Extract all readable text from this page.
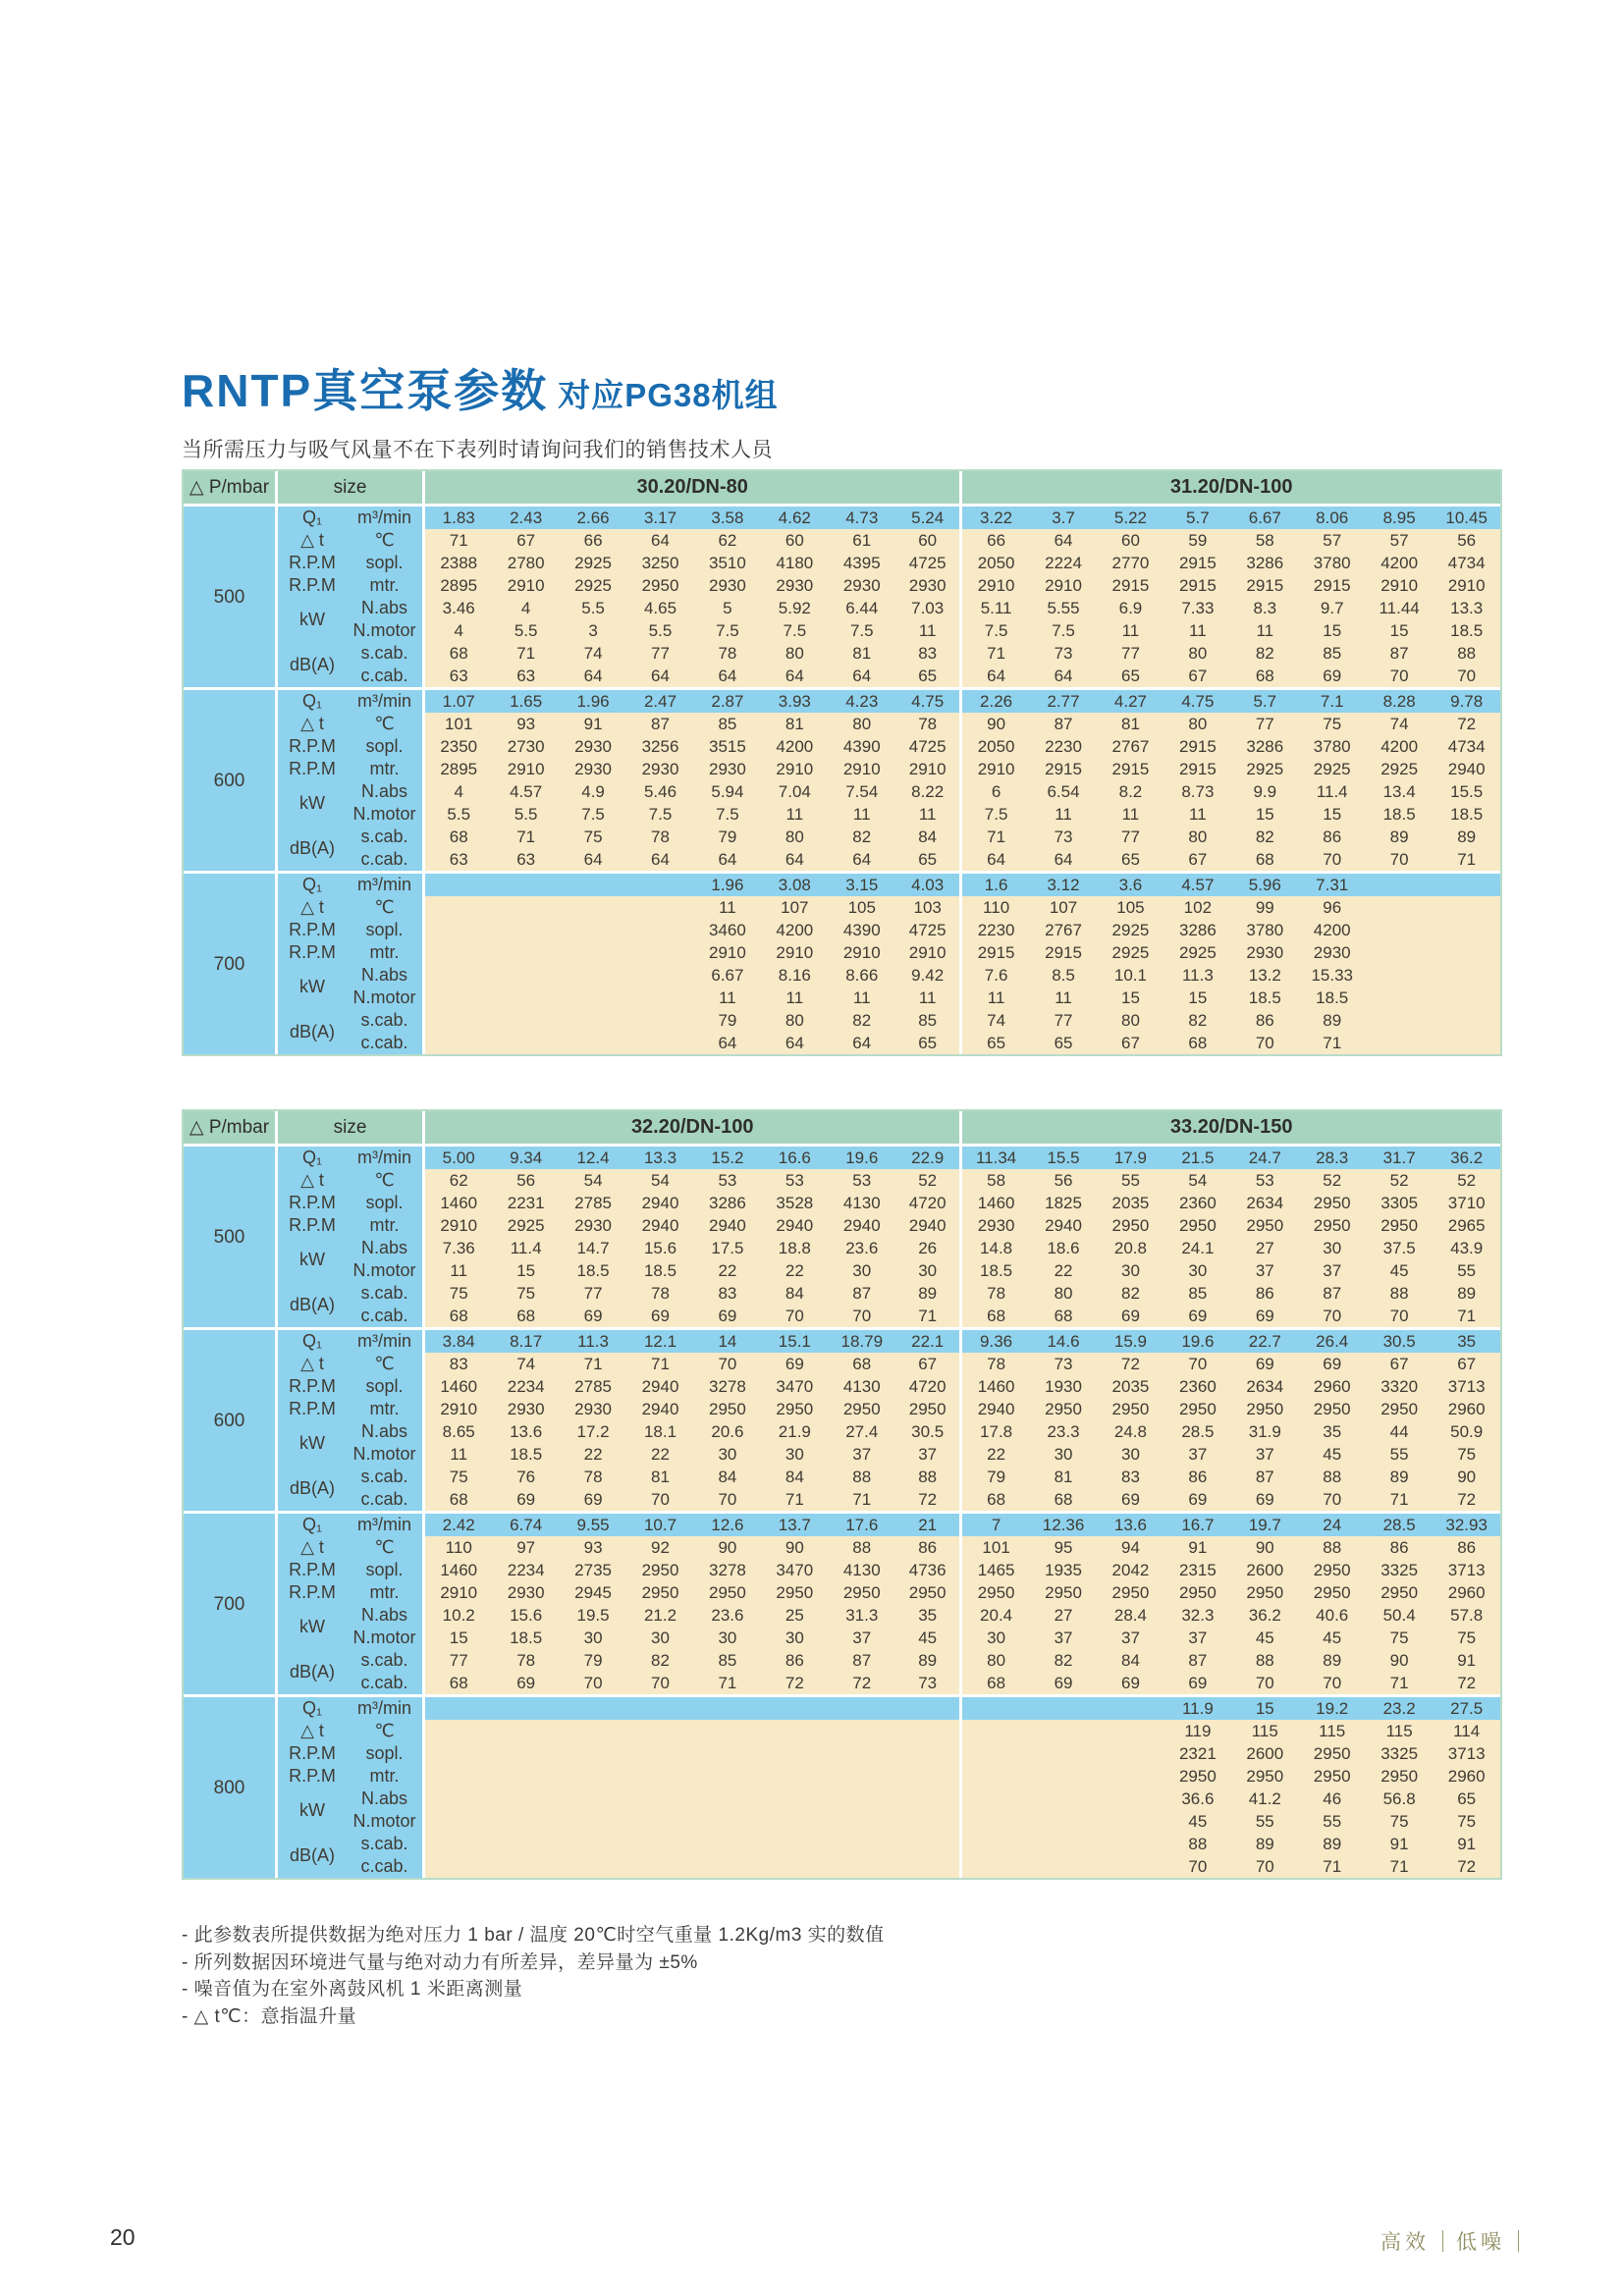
RNTP真空泵参数 对应PG38机组

当所需压力与吸气风量不在下表列时请询问我们的销售技术人员

△ P/mbar	size		30.20/DN-80								31.20/DN-100							
500	Q₁	m³/min	1.83	2.43	2.66	3.17	3.58	4.62	4.73	5.24	3.22	3.7	5.22	5.7	6.67	8.06	8.95	10.45
	△ t	℃	71	67	66	64	62	60	61	60	66	64	60	59	58	57	57	56
	R.P.M	sopl.	2388	2780	2925	3250	3510	4180	4395	4725	2050	2224	2770	2915	3286	3780	4200	4734
	R.P.M	mtr.	2895	2910	2925	2950	2930	2930	2930	2930	2910	2910	2915	2915	2915	2915	2910	2910
	kW	N.abs	3.46	4	5.5	4.65	5	5.92	6.44	7.03	5.11	5.55	6.9	7.33	8.3	9.7	11.44	13.3
		N.motor	4	5.5	3	5.5	7.5	7.5	7.5	11	7.5	7.5	11	11	11	15	15	18.5
	dB(A)	s.cab.	68	71	74	77	78	80	81	83	71	73	77	80	82	85	87	88
		c.cab.	63	63	64	64	64	64	64	65	64	64	65	67	68	69	70	70
600	Q₁	m³/min	1.07	1.65	1.96	2.47	2.87	3.93	4.23	4.75	2.26	2.77	4.27	4.75	5.7	7.1	8.28	9.78
	△ t	℃	101	93	91	87	85	81	80	78	90	87	81	80	77	75	74	72
	R.P.M	sopl.	2350	2730	2930	3256	3515	4200	4390	4725	2050	2230	2767	2915	3286	3780	4200	4734
	R.P.M	mtr.	2895	2910	2930	2930	2930	2910	2910	2910	2910	2915	2915	2915	2925	2925	2925	2940
	kW	N.abs	4	4.57	4.9	5.46	5.94	7.04	7.54	8.22	6	6.54	8.2	8.73	9.9	11.4	13.4	15.5
		N.motor	5.5	5.5	7.5	7.5	7.5	11	11	11	7.5	11	11	11	15	15	18.5	18.5
	dB(A)	s.cab.	68	71	75	78	79	80	82	84	71	73	77	80	82	86	89	89
		c.cab.	63	63	64	64	64	64	64	65	64	64	65	67	68	70	70	71
700	Q₁	m³/min					1.96	3.08	3.15	4.03	1.6	3.12	3.6	4.57	5.96	7.31		
	△ t	℃					11	107	105	103	110	107	105	102	99	96		
	R.P.M	sopl.					3460	4200	4390	4725	2230	2767	2925	3286	3780	4200		
	R.P.M	mtr.					2910	2910	2910	2910	2915	2915	2925	2925	2930	2930		
	kW	N.abs					6.67	8.16	8.66	9.42	7.6	8.5	10.1	11.3	13.2	15.33		
		N.motor					11	11	11	11	11	11	15	15	18.5	18.5		
	dB(A)	s.cab.					79	80	82	85	74	77	80	82	86	89		
		c.cab.					64	64	64	65	65	65	67	68	70	71		
△ P/mbar	size		32.20/DN-100								33.20/DN-150							
500	Q₁	m³/min	5.00	9.34	12.4	13.3	15.2	16.6	19.6	22.9	11.34	15.5	17.9	21.5	24.7	28.3	31.7	36.2
	△ t	℃	62	56	54	54	53	53	53	52	58	56	55	54	53	52	52	52
	R.P.M	sopl.	1460	2231	2785	2940	3286	3528	4130	4720	1460	1825	2035	2360	2634	2950	3305	3710
	R.P.M	mtr.	2910	2925	2930	2940	2940	2940	2940	2940	2930	2940	2950	2950	2950	2950	2950	2965
	kW	N.abs	7.36	11.4	14.7	15.6	17.5	18.8	23.6	26	14.8	18.6	20.8	24.1	27	30	37.5	43.9
		N.motor	11	15	18.5	18.5	22	22	30	30	18.5	22	30	30	37	37	45	55
	dB(A)	s.cab.	75	75	77	78	83	84	87	89	78	80	82	85	86	87	88	89
		c.cab.	68	68	69	69	69	70	70	71	68	68	69	69	69	70	70	71
600	Q₁	m³/min	3.84	8.17	11.3	12.1	14	15.1	18.79	22.1	9.36	14.6	15.9	19.6	22.7	26.4	30.5	35
	△ t	℃	83	74	71	71	70	69	68	67	78	73	72	70	69	69	67	67
	R.P.M	sopl.	1460	2234	2785	2940	3278	3470	4130	4720	1460	1930	2035	2360	2634	2960	3320	3713
	R.P.M	mtr.	2910	2930	2930	2940	2950	2950	2950	2950	2940	2950	2950	2950	2950	2950	2950	2960
	kW	N.abs	8.65	13.6	17.2	18.1	20.6	21.9	27.4	30.5	17.8	23.3	24.8	28.5	31.9	35	44	50.9
		N.motor	11	18.5	22	22	30	30	37	37	22	30	30	37	37	45	55	75
	dB(A)	s.cab.	75	76	78	81	84	84	88	88	79	81	83	86	87	88	89	90
		c.cab.	68	69	69	70	70	71	71	72	68	68	69	69	69	70	71	72
700	Q₁	m³/min	2.42	6.74	9.55	10.7	12.6	13.7	17.6	21	7	12.36	13.6	16.7	19.7	24	28.5	32.93
	△ t	℃	110	97	93	92	90	90	88	86	101	95	94	91	90	88	86	86
	R.P.M	sopl.	1460	2234	2735	2950	3278	3470	4130	4736	1465	1935	2042	2315	2600	2950	3325	3713
	R.P.M	mtr.	2910	2930	2945	2950	2950	2950	2950	2950	2950	2950	2950	2950	2950	2950	2950	2960
	kW	N.abs	10.2	15.6	19.5	21.2	23.6	25	31.3	35	20.4	27	28.4	32.3	36.2	40.6	50.4	57.8
		N.motor	15	18.5	30	30	30	30	37	45	30	37	37	37	45	45	75	75
	dB(A)	s.cab.	77	78	79	82	85	86	87	89	80	82	84	87	88	89	90	91
		c.cab.	68	69	70	70	71	72	72	73	68	69	69	69	70	70	71	72
800	Q₁	m³/min												11.9	15	19.2	23.2	27.5
	△ t	℃												119	115	115	115	114
	R.P.M	sopl.												2321	2600	2950	3325	3713
	R.P.M	mtr.												2950	2950	2950	2950	2960
	kW	N.abs												36.6	41.2	46	56.8	65
		N.motor												45	55	55	75	75
	dB(A)	s.cab.												88	89	89	91	91
		c.cab.												70	70	71	71	72
- 此参数表所提供数据为绝对压力 1 bar / 温度 20℃时空气重量 1.2Kg/m3 实的数值
- 所列数据因环境进气量与绝对动力有所差异，差异量为 ±5%
- 噪音值为在室外离鼓风机 1 米距离测量
- △ t℃：意指温升量
20	高效 低噪
